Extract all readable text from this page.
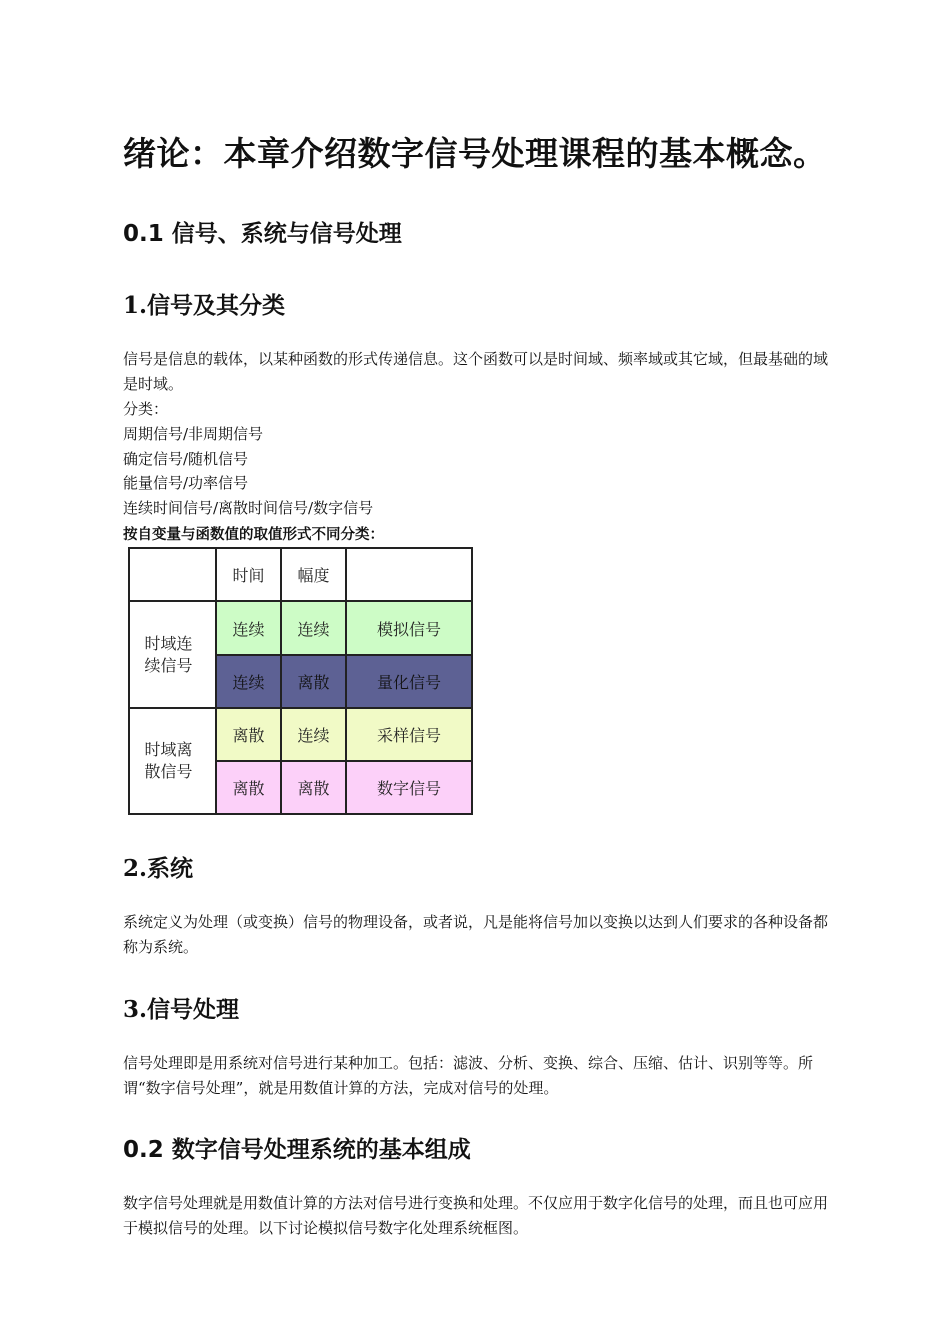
绪论：本章介绍数字信号处理课程的基本概念。
0.1 信号、系统与信号处理
1.信号及其分类

信号是信息的载体，以某种函数的形式传递信息。这个函数可以是时间域、频率域或其它域，但最基础的域是时域。

分类：
周期信号/非周期信号
确定信号/随机信号
能量信号/功率信号
连续时间信号/离散时间信号/数字信号
按自变量与函数值的取值形式不同分类：
	时间	幅度	

时域连续信号	连续	连续	模拟信号
	连续	离散	量化信号

时域离散信号	离散	连续	采样信号
	离散	离散	数字信号
2.系统

系统定义为处理（或变换）信号的物理设备，或者说，凡是能将信号加以变换以达到人们要求的各种设备都称为系统。

3.信号处理

信号处理即是用系统对信号进行某种加工。包括：滤波、分析、变换、综合、压缩、估计、识别等等。所谓“数字信号处理”，就是用数值计算的方法，完成对信号的处理。

0.2 数字信号处理系统的基本组成

数字信号处理就是用数值计算的方法对信号进行变换和处理。不仅应用于数字化信号的处理，而且也可应用于模拟信号的处理。以下讨论模拟信号数字化处理系统框图。
